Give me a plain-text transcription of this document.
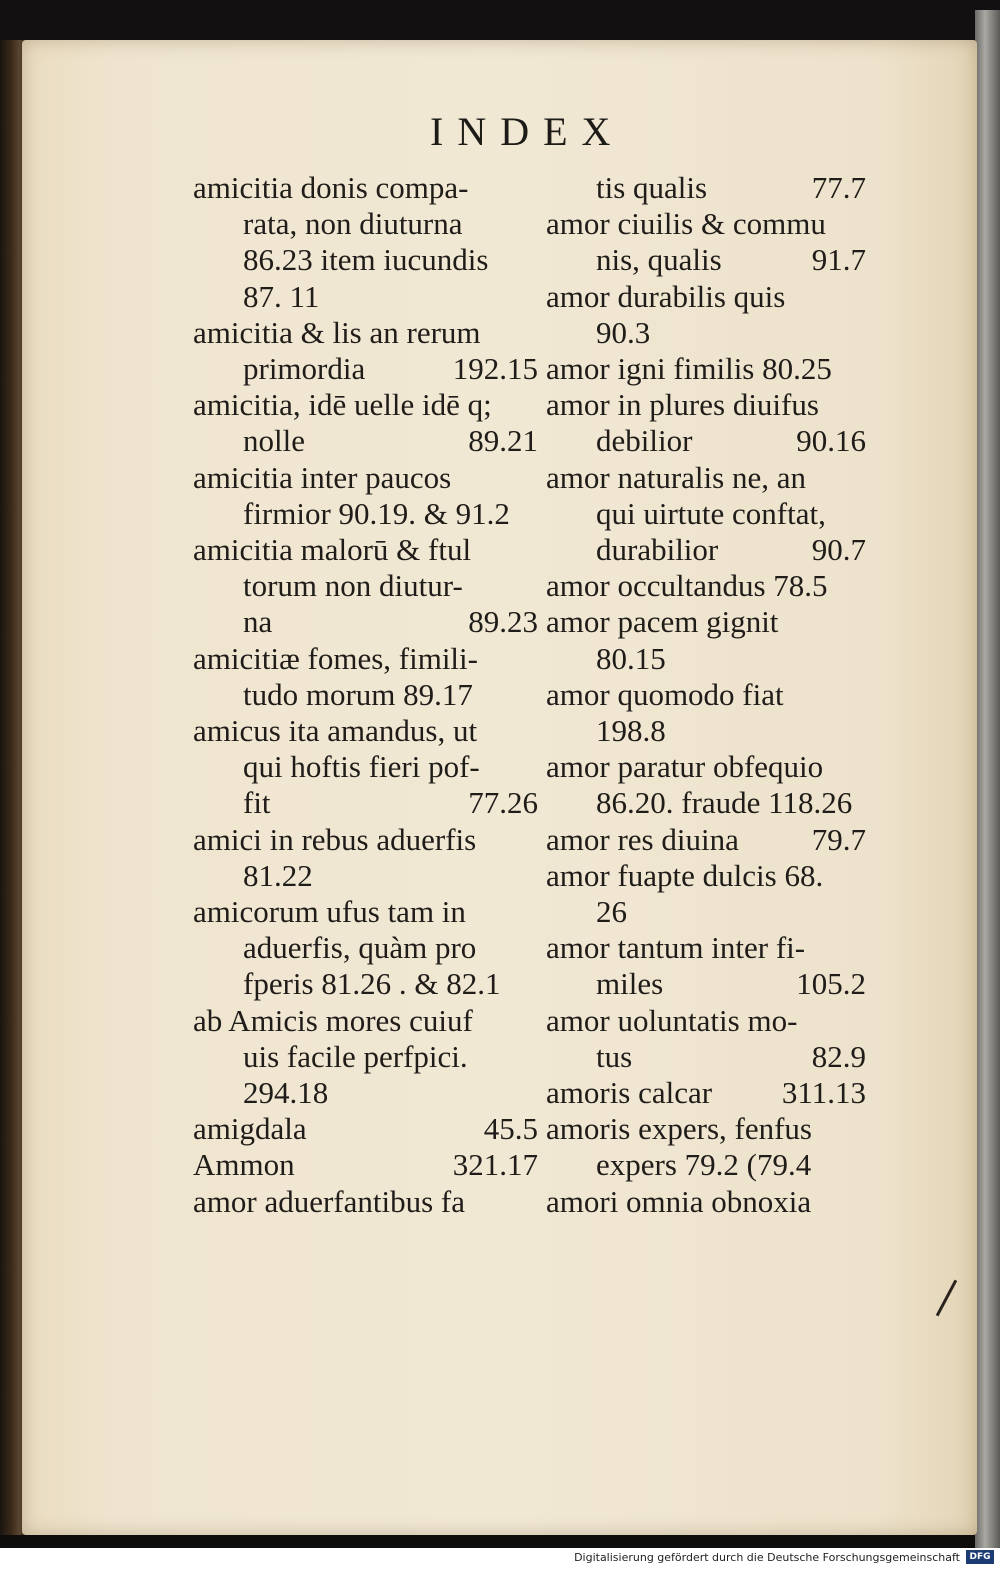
INDEX
amicitia donis compa-
rata, non diuturna
86.23 item iucundis
87. 11
amicitia & lis an rerum
primordia	192.15
amicitia, idē uelle idē q;
nolle	89.21
amicitia inter paucos
firmior 90.19. & 91.2
amicitia malorū & ftul
torum non diutur-
na	89.23
amicitiæ fomes, fimili-
tudo morum 89.17
amicus ita amandus, ut
qui hoftis fieri pof-
fit	77.26
amici in rebus aduerfis
81.22
amicorum ufus tam in
aduerfis, quàm pro
fperis 81.26 . & 82.1
ab Amicis mores cuiuf
uis facile perfpici.
294.18
amigdala	45.5
Ammon	321.17
amor aduerfantibus fa
tis qualis	77.7
amor ciuilis & commu
nis, qualis	91.7
amor durabilis quis
90.3
amor igni fimilis 80.25
amor in plures diuifus
debilior	90.16
amor naturalis ne, an
qui uirtute conftat,
durabilior	90.7
amor occultandus 78.5
amor pacem gignit
80.15
amor quomodo fiat
198.8
amor paratur obfequio
86.20. fraude 118.26
amor res diuina 79.7
amor fuapte dulcis 68.
26
amor tantum inter fi-
miles	105.2
amor uoluntatis mo-
tus	82.9
amoris calcar 311.13
amoris expers, fenfus
expers 79.2 (79.4
amori omnia obnoxia
Digitalisierung gefördert durch die Deutsche Forschungsgemeinschaft	DFG
